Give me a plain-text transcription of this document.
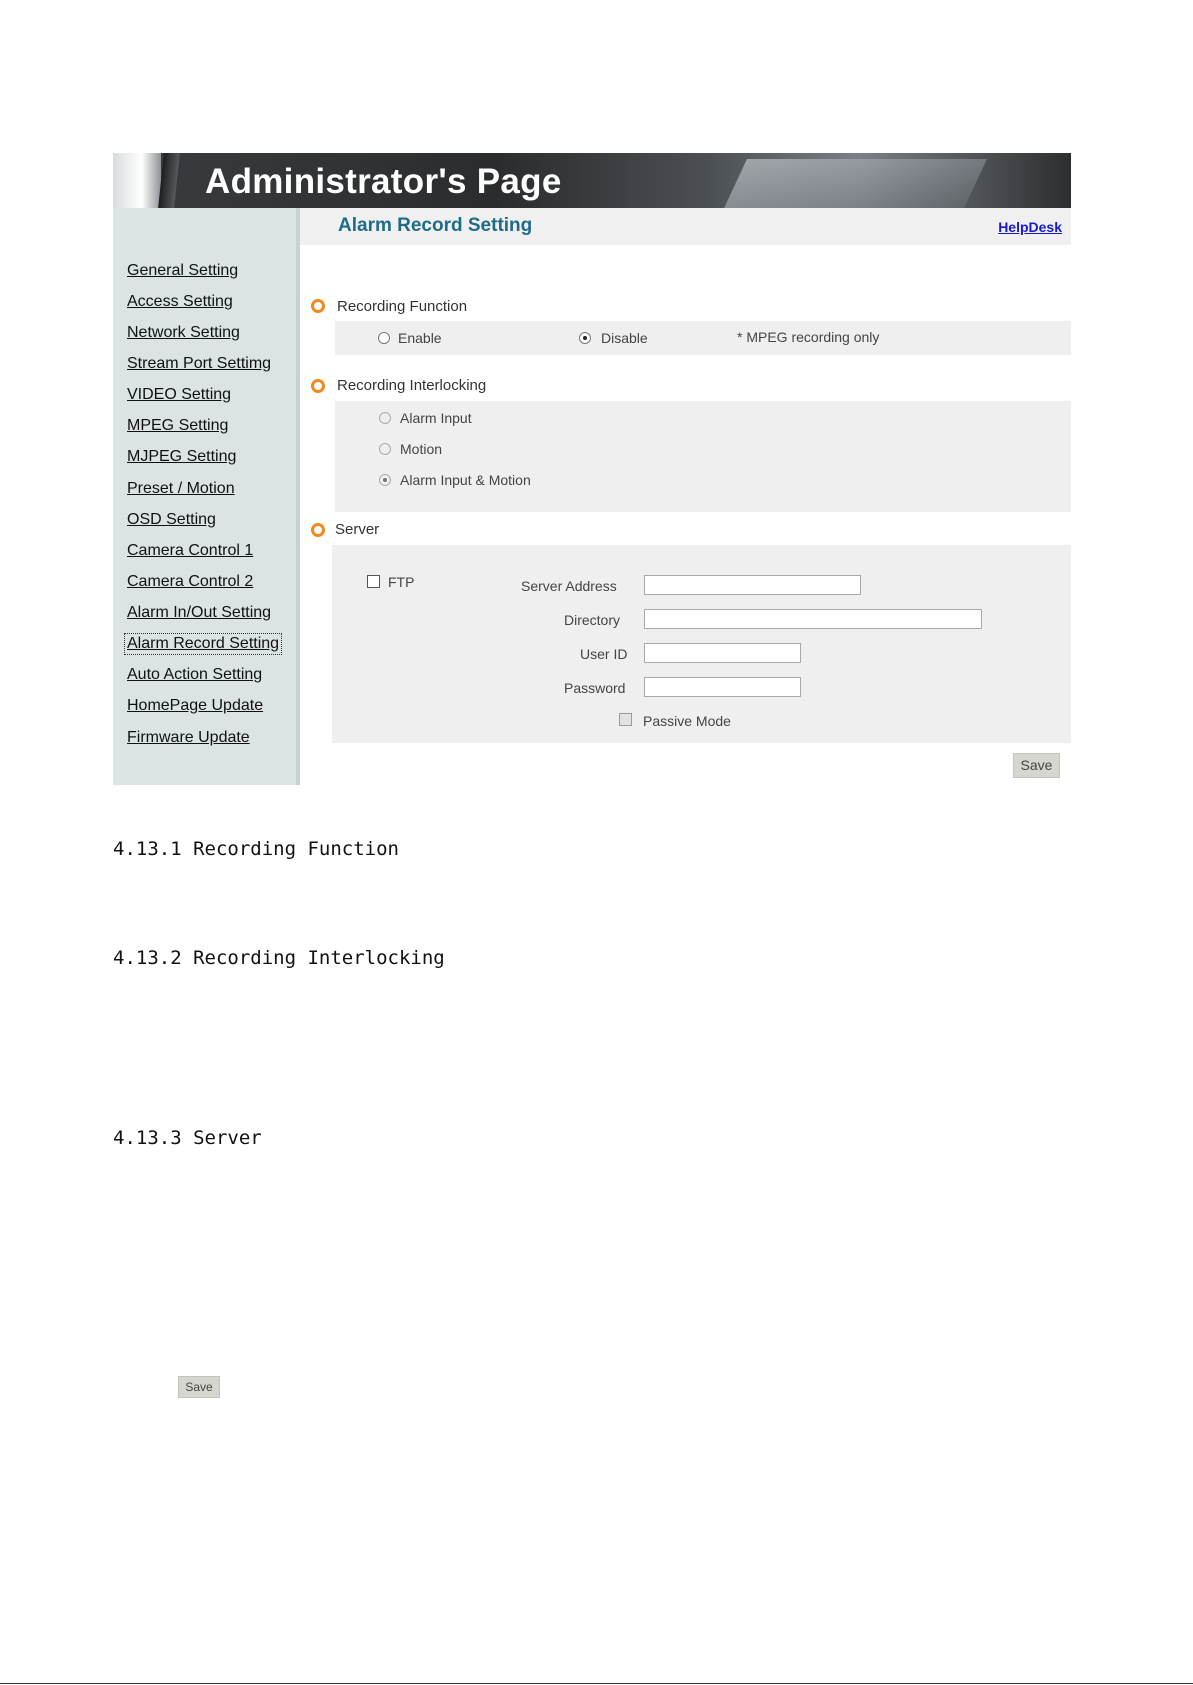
Administrator's Page
General Setting
Access Setting
Network Setting
Stream Port Settimg
VIDEO Setting
MPEG Setting
MJPEG Setting
Preset / Motion
OSD Setting
Camera Control 1
Camera Control 2
Alarm In/Out Setting
Alarm Record Setting
Auto Action Setting
HomePage Update
Firmware Update
Alarm Record Setting	HelpDesk
Recording Function
Enable	Disable	* MPEG recording only
Recording Interlocking
Alarm Input
Motion
Alarm Input & Motion
Server
FTP	Server Address
Directory
User ID
Password
Passive Mode
Save
4.13.1 Recording Function
4.13.2 Recording Interlocking
4.13.3 Server
Save
